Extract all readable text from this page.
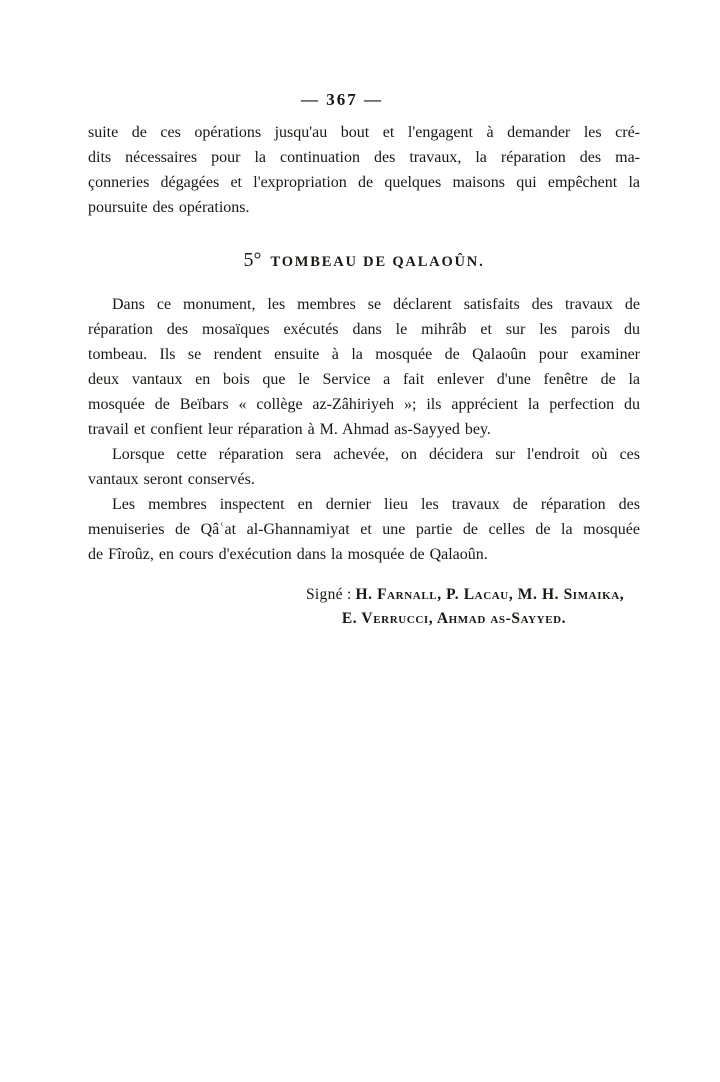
— 367 —
suite de ces opérations jusqu'au bout et l'engagent à demander les cré-
dits nécessaires pour la continuation des travaux, la réparation des ma-
çonneries dégagées et l'expropriation de quelques maisons qui empêchent la
poursuite des opérations.
5° TOMBEAU DE QALAOÛN.
Dans ce monument, les membres se déclarent satisfaits des travaux de
réparation des mosaïques exécutés dans le mihrâb et sur les parois du
tombeau. Ils se rendent ensuite à la mosquée de Qalaoûn pour examiner
deux vantaux en bois que le Service a fait enlever d'une fenêtre de la
mosquée de Beïbars « collège az-Zâhiriyeh »; ils apprécient la perfection du
travail et confient leur réparation à M. Ahmad as-Sayyed bey.
Lorsque cette réparation sera achevée, on décidera sur l'endroit où ces
vantaux seront conservés.
Les membres inspectent en dernier lieu les travaux de réparation des
menuiseries de Qâʿat al-Ghannamiyat et une partie de celles de la mosquée
de Fîroûz, en cours d'exécution dans la mosquée de Qalaoûn.
Signé : H. Farnall, P. Lacau, M. H. Simaika,
E. Verrucci, Ahmad as-Sayyed.
